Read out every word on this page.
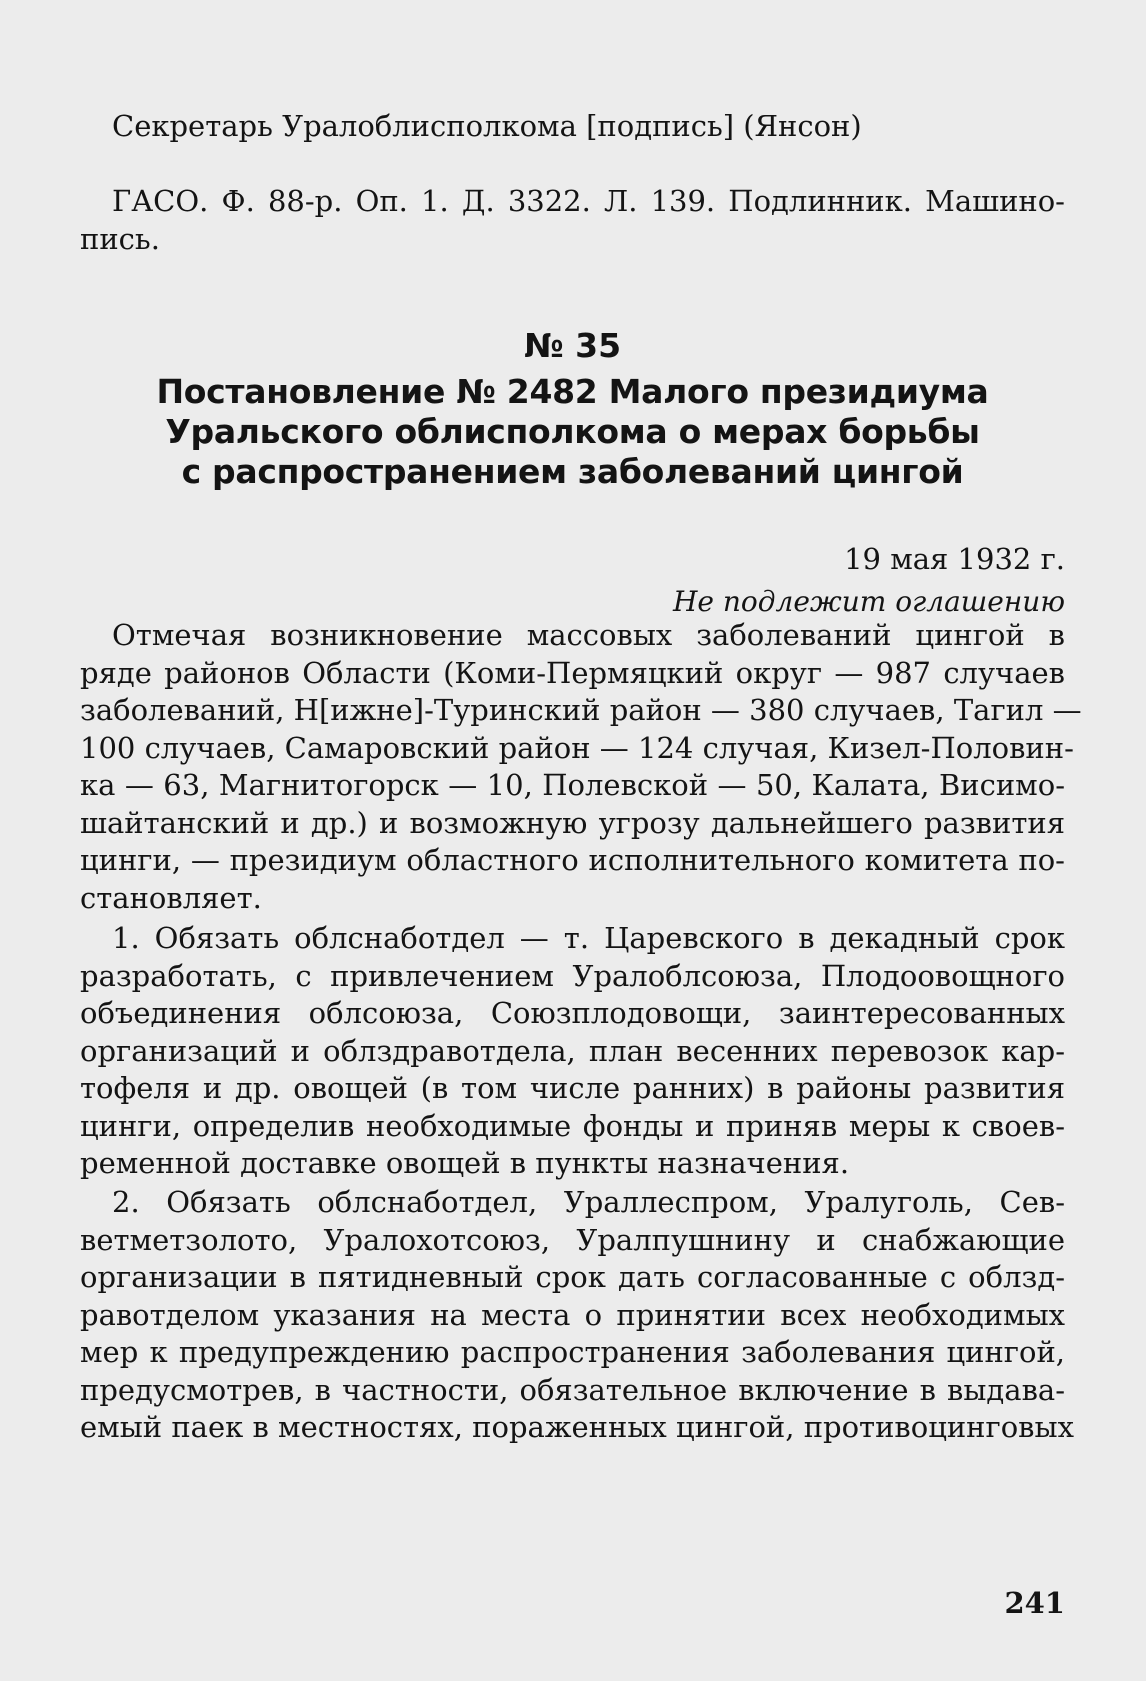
Секретарь Уралоблисполкома [подпись] (Янсон)
ГАСО. Ф. 88-р. Оп. 1. Д. 3322. Л. 139. Подлинник. Машино-
пись.
№ 35
Постановление № 2482 Малого президиума
Уральского облисполкома о мерах борьбы
с распространением заболеваний цингой
19 мая 1932 г.
Не подлежит оглашению
Отмечая возникновение массовых заболеваний цингой в
ряде районов Области (Коми-Пермяцкий округ — 987 случаев
заболеваний, Н[ижне]-Туринский район — 380 случаев, Тагил —
100 случаев, Самаровский район — 124 случая, Кизел-Половин-
ка — 63, Магнитогорск — 10, Полевской — 50, Калата, Висимо-
шайтанский и др.) и возможную угрозу дальнейшего развития
цинги, — президиум областного исполнительного комитета по-
становляет.
1. Обязать облснаботдел — т. Царевского в декадный срок
разработать, с привлечением Уралоблсоюза, Плодоовощного
объединения облсоюза, Союзплодовощи, заинтересованных
организаций и облздравотдела, план весенних перевозок кар-
тофеля и др. овощей (в том числе ранних) в районы развития
цинги, определив необходимые фонды и приняв меры к своев-
ременной доставке овощей в пункты назначения.
2. Обязать облснаботдел, Ураллеспром, Уралуголь, Сев-
ветметзолото, Уралохотсоюз, Уралпушнину и снабжающие
организации в пятидневный срок дать согласованные с облзд-
равотделом указания на места о принятии всех необходимых
мер к предупреждению распространения заболевания цингой,
предусмотрев, в частности, обязательное включение в выдава-
емый паек в местностях, пораженных цингой, противоцинговых
241
